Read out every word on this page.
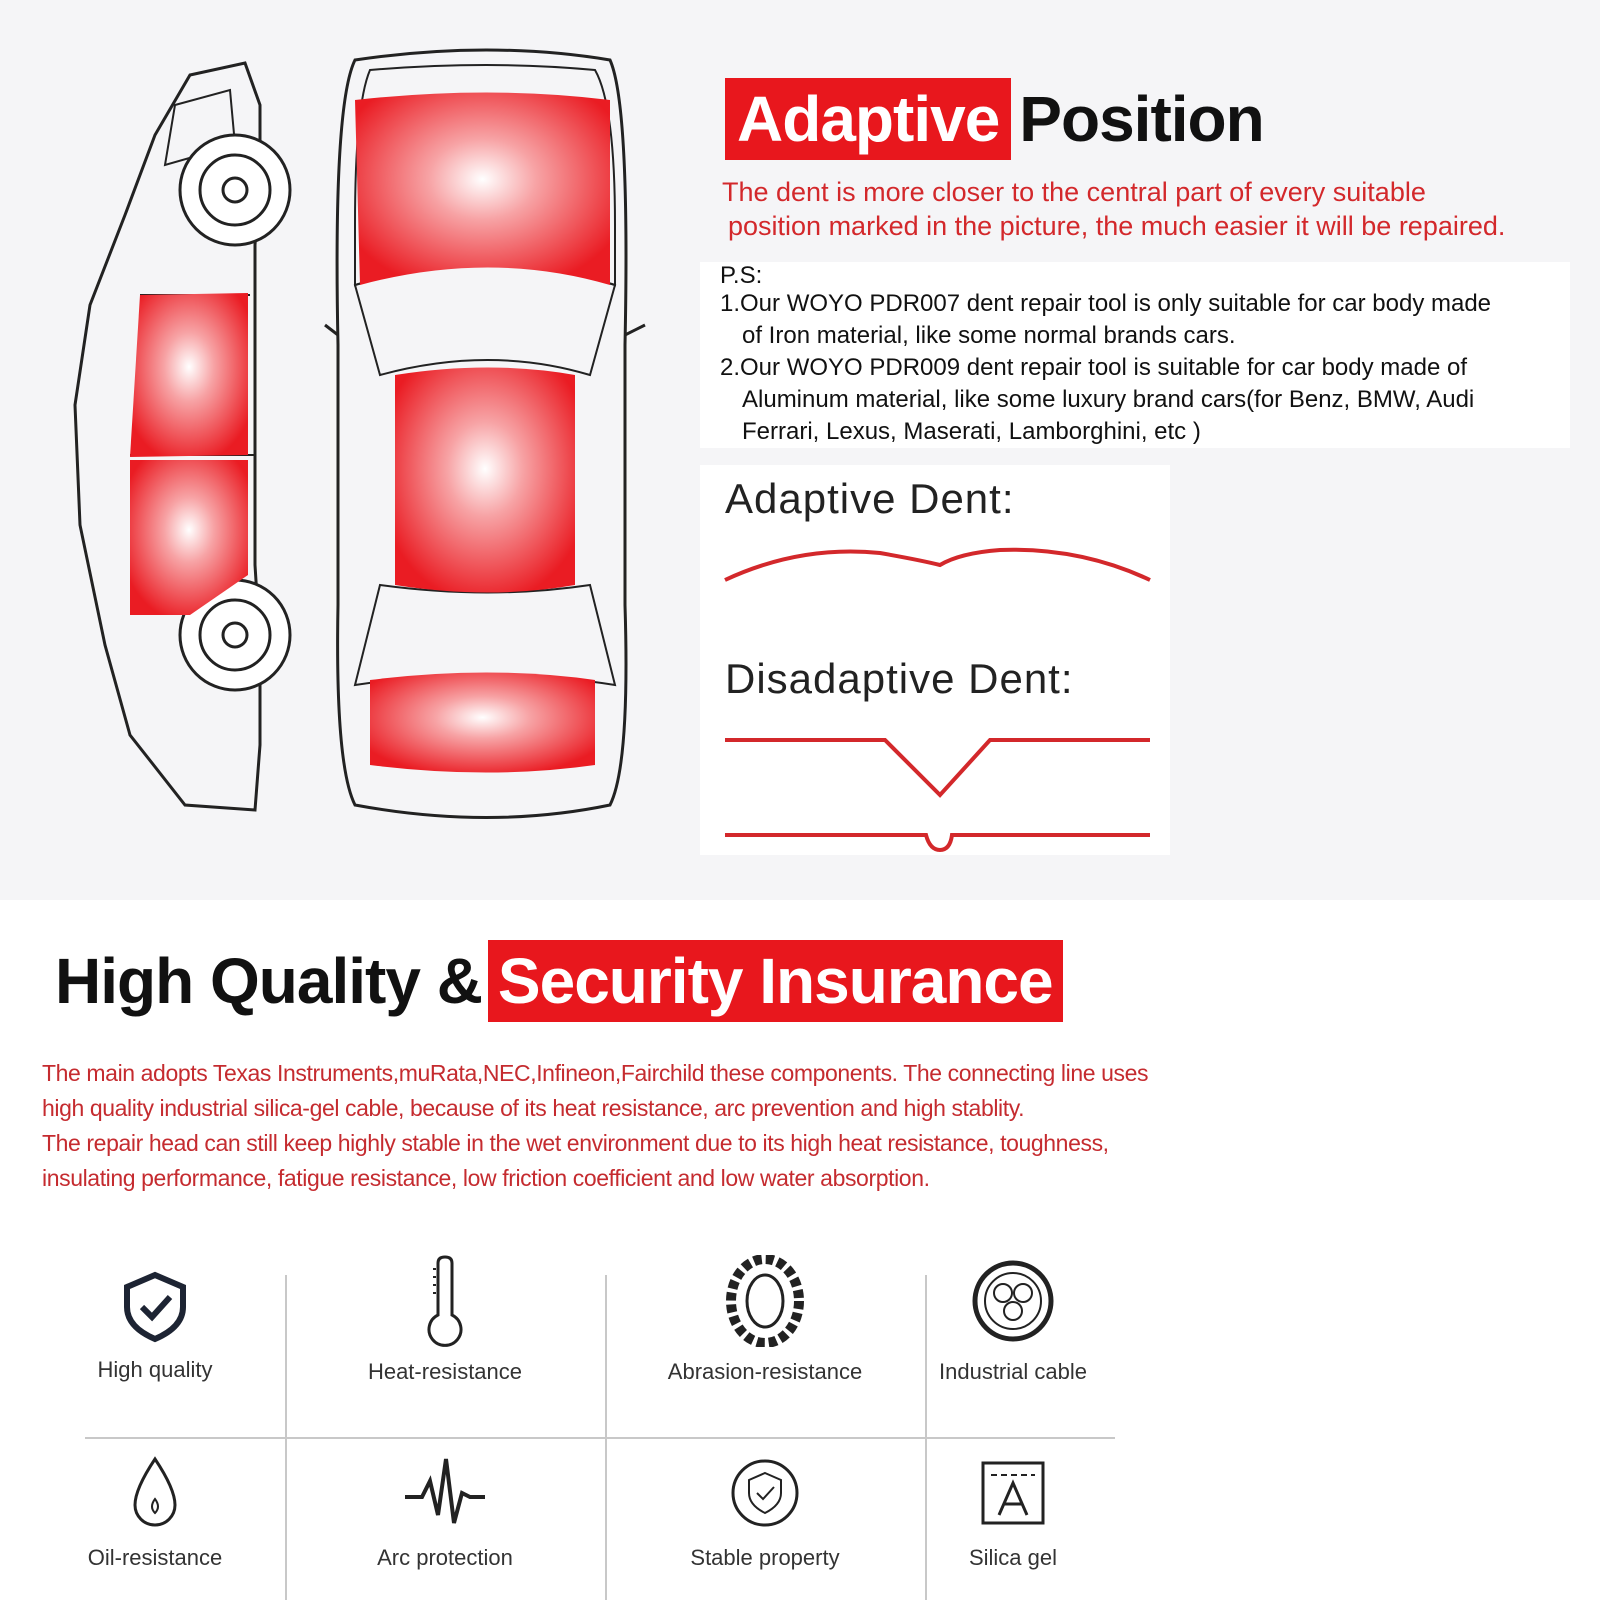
Adaptive Position
The dent is more closer to the central part of every suitable
position marked in the picture, the much easier it will be repaired.
P.S:
1.Our WOYO PDR007 dent repair tool is only suitable for car body made
of Iron material, like some normal brands cars.
2.Our WOYO PDR009 dent repair tool is suitable for car body made of
Aluminum material, like some luxury brand cars(for Benz, BMW, Audi
Ferrari, Lexus, Maserati, Lamborghini, etc )
Adaptive Dent:
Disadaptive Dent:
High Quality & Security Insurance
The main adopts Texas Instruments,muRata,NEC,Infineon,Fairchild these components. The connecting line uses
high quality industrial silica-gel cable, because of its heat resistance, arc prevention and high stablity.
The repair head can still keep highly stable in the wet environment due to its high heat resistance, toughness,
insulating performance, fatigue resistance, low friction coefficient and low water absorption.
High quality	Heat-resistance	Abrasion-resistance	Industrial cable
Oil-resistance	Arc protection	Stable property	Silica gel
